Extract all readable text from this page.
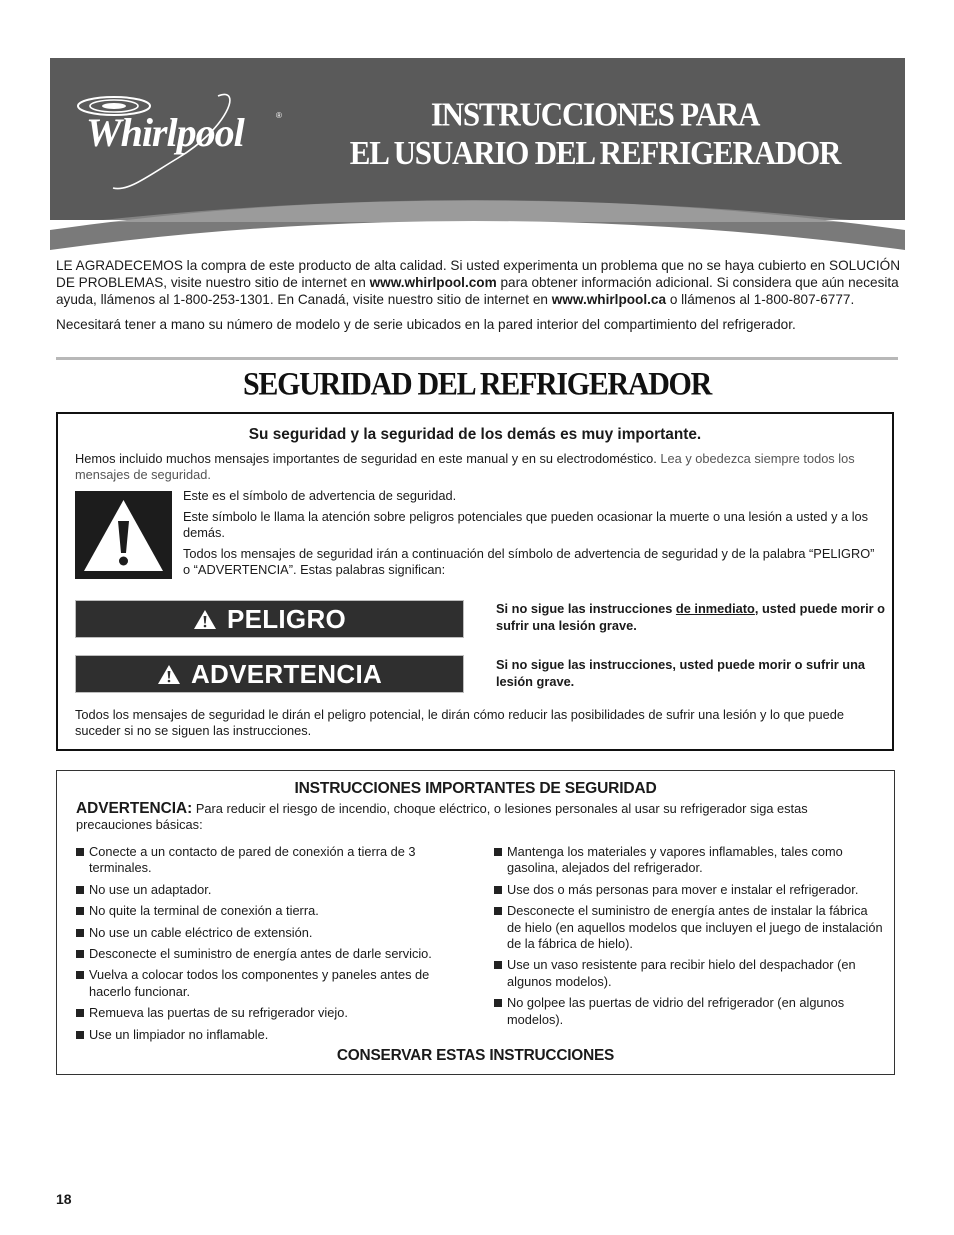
Whirlpool	®	INSTRUCCIONES PARA
EL USUARIO DEL REFRIGERADOR

LE AGRADECEMOS la compra de este producto de alta calidad. Si usted experimenta un problema que no se haya cubierto en SOLUCIÓN DE PROBLEMAS, visite nuestro sitio de internet en www.whirlpool.com para obtener información adicional. Si considera que aún necesita ayuda, llámenos al 1-800-253-1301. En Canadá, visite nuestro sitio de internet en www.whirlpool.ca o llámenos al 1-800-807-6777.

Necesitará tener a mano su número de modelo y de serie ubicados en la pared interior del compartimiento del refrigerador.

SEGURIDAD DEL REFRIGERADOR
Su seguridad y la seguridad de los demás es muy importante.
Hemos incluido muchos mensajes importantes de seguridad en este manual y en su electrodoméstico. Lea y obedezca siempre todos los mensajes de seguridad.

Este es el símbolo de advertencia de seguridad.

Este símbolo le llama la atención sobre peligros potenciales que pueden ocasionar la muerte o una lesión a usted y a los demás.

Todos los mensajes de seguridad irán a continuación del símbolo de advertencia de seguridad y de la palabra “PELIGRO” o “ADVERTENCIA”. Estas palabras significan:

PELIGRO	Si no sigue las instrucciones de inmediato, usted puede morir o sufrir una lesión grave.
ADVERTENCIA	Si no sigue las instrucciones, usted puede morir o sufrir una lesión grave.
Todos los mensajes de seguridad le dirán el peligro potencial, le dirán cómo reducir las posibilidades de sufrir una lesión y lo que puede suceder si no se siguen las instrucciones.
INSTRUCCIONES IMPORTANTES DE SEGURIDAD
ADVERTENCIA: Para reducir el riesgo de incendio, choque eléctrico, o lesiones personales al usar su refrigerador siga estas precauciones básicas:
Conecte a un contacto de pared de conexión a tierra de 3 terminales.
No use un adaptador.
No quite la terminal de conexión a tierra.
No use un cable eléctrico de extensión.
Desconecte el suministro de energía antes de darle servicio.
Vuelva a colocar todos los componentes y paneles antes de hacerlo funcionar.
Remueva las puertas de su refrigerador viejo.
Use un limpiador no inflamable.
Mantenga los materiales y vapores inflamables, tales como gasolina, alejados del refrigerador.
Use dos o más personas para mover e instalar el refrigerador.
Desconecte el suministro de energía antes de instalar la fábrica de hielo (en aquellos modelos que incluyen el juego de instalación de la fábrica de hielo).
Use un vaso resistente para recibir hielo del despachador (en algunos modelos).
No golpee las puertas de vidrio del refrigerador (en algunos modelos).
CONSERVAR ESTAS INSTRUCCIONES
18
